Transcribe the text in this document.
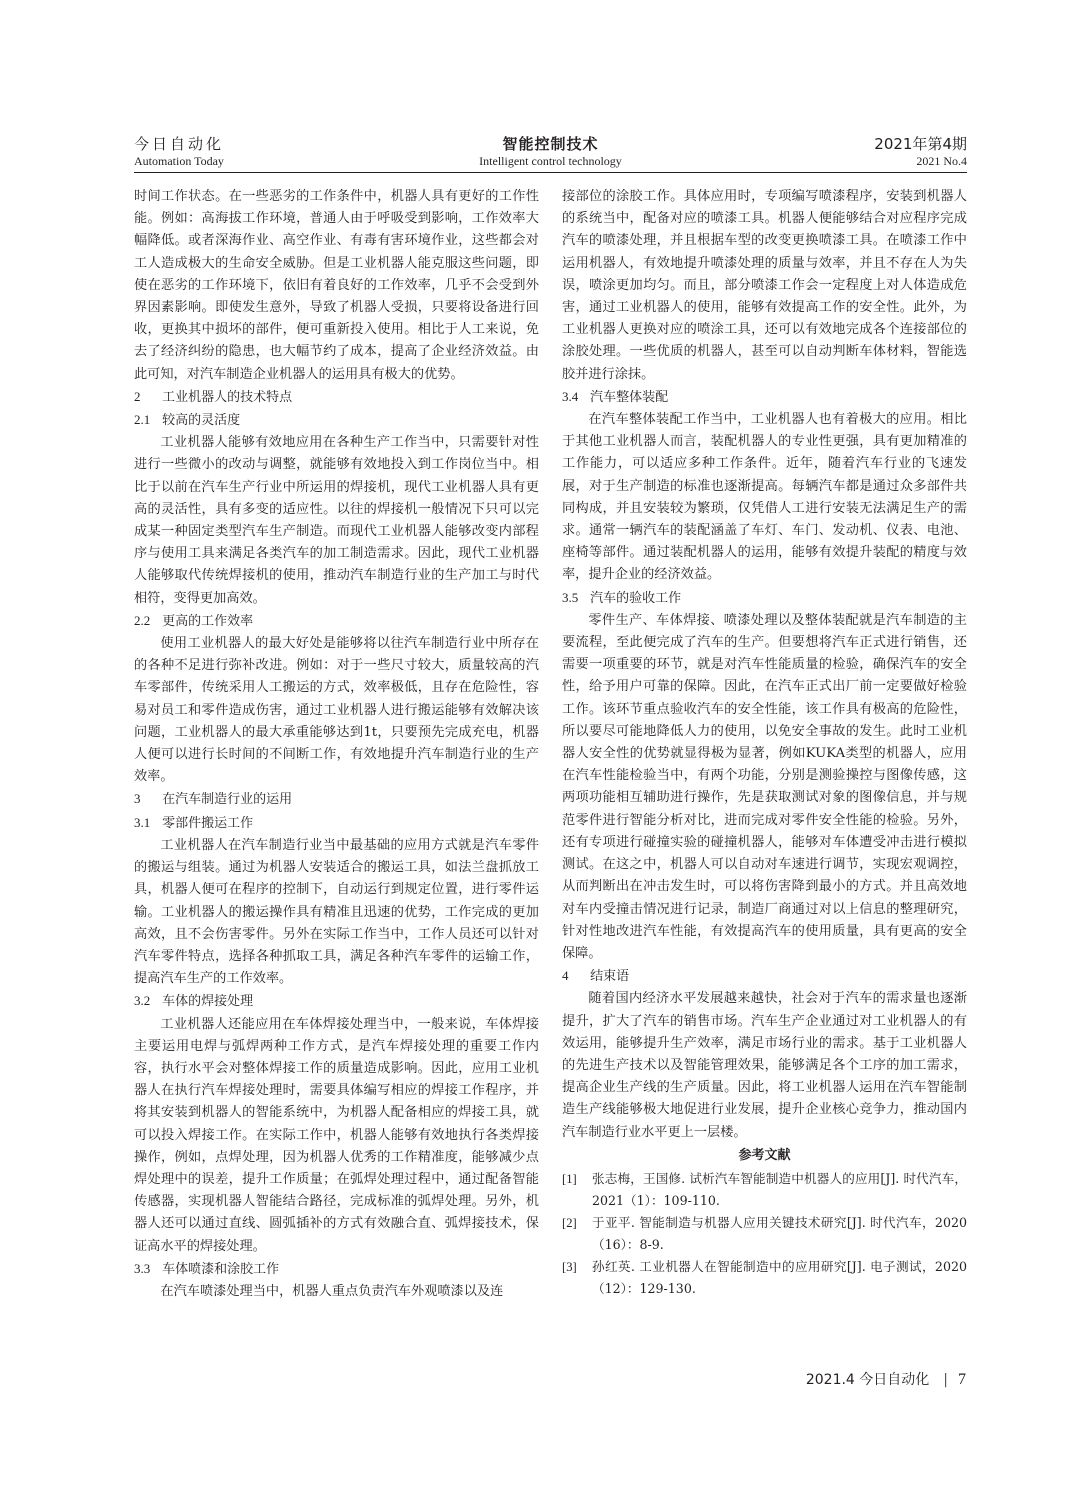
今日自动化
Automation Today
智能控制技术
Intelligent control technology
2021年第4期
2021 No.4

时间工作状态。在一些恶劣的工作条件中，机器人具有更好的工作性能。例如：高海拔工作环境，普通人由于呼吸受到影响，工作效率大幅降低。或者深海作业、高空作业、有毒有害环境作业，这些都会对工人造成极大的生命安全威胁。但是工业机器人能克服这些问题，即使在恶劣的工作环境下，依旧有着良好的工作效率，几乎不会受到外界因素影响。即使发生意外，导致了机器人受损，只要将设备进行回收，更换其中损坏的部件，便可重新投入使用。相比于人工来说，免去了经济纠纷的隐患，也大幅节约了成本，提高了企业经济效益。由此可知，对汽车制造企业机器人的运用具有极大的优势。

2 工业机器人的技术特点
2.1 较高的灵活度

工业机器人能够有效地应用在各种生产工作当中，只需要针对性进行一些微小的改动与调整，就能够有效地投入到工作岗位当中。相比于以前在汽车生产行业中所运用的焊接机，现代工业机器人具有更高的灵活性，具有多变的适应性。以往的焊接机一般情况下只可以完成某一种固定类型汽车生产制造。而现代工业机器人能够改变内部程序与使用工具来满足各类汽车的加工制造需求。因此，现代工业机器人能够取代传统焊接机的使用，推动汽车制造行业的生产加工与时代相符，变得更加高效。

2.2 更高的工作效率

使用工业机器人的最大好处是能够将以往汽车制造行业中所存在的各种不足进行弥补改进。例如：对于一些尺寸较大，质量较高的汽车零部件，传统采用人工搬运的方式，效率极低，且存在危险性，容易对员工和零件造成伤害，通过工业机器人进行搬运能够有效解决该问题，工业机器人的最大承重能够达到1t，只要预先完成充电，机器人便可以进行长时间的不间断工作，有效地提升汽车制造行业的生产效率。

3 在汽车制造行业的运用
3.1 零部件搬运工作

工业机器人在汽车制造行业当中最基础的应用方式就是汽车零件的搬运与组装。通过为机器人安装适合的搬运工具，如法兰盘抓放工具，机器人便可在程序的控制下，自动运行到规定位置，进行零件运输。工业机器人的搬运操作具有精准且迅速的优势，工作完成的更加高效，且不会伤害零件。另外在实际工作当中，工作人员还可以针对汽车零件特点，选择各种抓取工具，满足各种汽车零件的运输工作，提高汽车生产的工作效率。

3.2 车体的焊接处理

工业机器人还能应用在车体焊接处理当中，一般来说，车体焊接主要运用电焊与弧焊两种工作方式，是汽车焊接处理的重要工作内容，执行水平会对整体焊接工作的质量造成影响。因此，应用工业机器人在执行汽车焊接处理时，需要具体编写相应的焊接工作程序，并将其安装到机器人的智能系统中，为机器人配备相应的焊接工具，就可以投入焊接工作。在实际工作中，机器人能够有效地执行各类焊接操作，例如，点焊处理，因为机器人优秀的工作精准度，能够减少点焊处理中的误差，提升工作质量；在弧焊处理过程中，通过配备智能传感器，实现机器人智能结合路径，完成标准的弧焊处理。另外，机器人还可以通过直线、圆弧插补的方式有效融合直、弧焊接技术，保证高水平的焊接处理。

3.3 车体喷漆和涂胶工作

在汽车喷漆处理当中，机器人重点负责汽车外观喷漆以及连

接部位的涂胶工作。具体应用时，专项编写喷漆程序，安装到机器人的系统当中，配备对应的喷漆工具。机器人便能够结合对应程序完成汽车的喷漆处理，并且根据车型的改变更换喷漆工具。在喷漆工作中运用机器人，有效地提升喷漆处理的质量与效率，并且不存在人为失误，喷涂更加均匀。而且，部分喷漆工作会一定程度上对人体造成危害，通过工业机器人的使用，能够有效提高工作的安全性。此外，为工业机器人更换对应的喷涂工具，还可以有效地完成各个连接部位的涂胶处理。一些优质的机器人，甚至可以自动判断车体材料，智能选胶并进行涂抹。

3.4 汽车整体装配

在汽车整体装配工作当中，工业机器人也有着极大的应用。相比于其他工业机器人而言，装配机器人的专业性更强，具有更加精准的工作能力，可以适应多种工作条件。近年，随着汽车行业的飞速发展，对于生产制造的标准也逐渐提高。每辆汽车都是通过众多部件共同构成，并且安装较为繁琐，仅凭借人工进行安装无法满足生产的需求。通常一辆汽车的装配涵盖了车灯、车门、发动机、仪表、电池、座椅等部件。通过装配机器人的运用，能够有效提升装配的精度与效率，提升企业的经济效益。

3.5 汽车的验收工作

零件生产、车体焊接、喷漆处理以及整体装配就是汽车制造的主要流程，至此便完成了汽车的生产。但要想将汽车正式进行销售，还需要一项重要的环节，就是对汽车性能质量的检验，确保汽车的安全性，给予用户可靠的保障。因此，在汽车正式出厂前一定要做好检验工作。该环节重点验收汽车的安全性能，该工作具有极高的危险性，所以要尽可能地降低人力的使用，以免安全事故的发生。此时工业机器人安全性的优势就显得极为显著，例如KUKA类型的机器人，应用在汽车性能检验当中，有两个功能，分别是测验操控与图像传感，这两项功能相互辅助进行操作，先是获取测试对象的图像信息，并与规范零件进行智能分析对比，进而完成对零件安全性能的检验。另外，还有专项进行碰撞实验的碰撞机器人，能够对车体遭受冲击进行模拟测试。在这之中，机器人可以自动对车速进行调节，实现宏观调控，从而判断出在冲击发生时，可以将伤害降到最小的方式。并且高效地对车内受撞击情况进行记录，制造厂商通过对以上信息的整理研究，针对性地改进汽车性能，有效提高汽车的使用质量，具有更高的安全保障。

4 结束语

随着国内经济水平发展越来越快，社会对于汽车的需求量也逐渐提升，扩大了汽车的销售市场。汽车生产企业通过对工业机器人的有效运用，能够提升生产效率，满足市场行业的需求。基于工业机器人的先进生产技术以及智能管理效果，能够满足各个工序的加工需求，提高企业生产线的生产质量。因此，将工业机器人运用在汽车智能制造生产线能够极大地促进行业发展，提升企业核心竞争力，推动国内汽车制造行业水平更上一层楼。

参考文献
[1] 张志梅，王国修. 试析汽车智能制造中机器人的应用[J]. 时代汽车，2021（1）：109-110.
[2] 于亚平. 智能制造与机器人应用关键技术研究[J]. 时代汽车，2020（16）：8-9.
[3] 孙红英. 工业机器人在智能制造中的应用研究[J]. 电子测试，2020（12）：129-130.
2021.4 今日自动化 | 7
